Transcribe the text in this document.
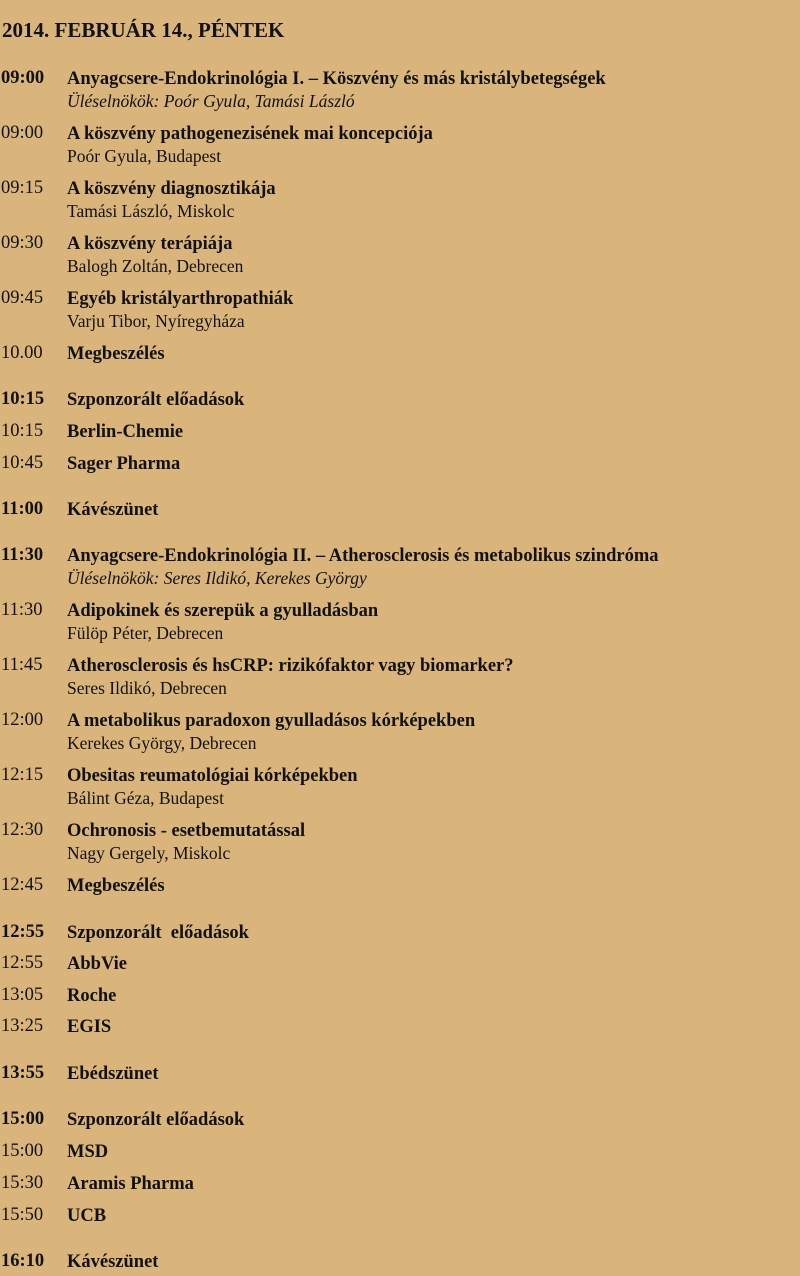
2014. FEBRUÁR 14., PÉNTEK
09:00 Anyagcsere-Endokrinológia I. – Köszvény és más kristálybetegségek
Üléselnökök: Poór Gyula, Tamási László
09:00 A köszvény pathogenezisének mai koncepciója
Poór Gyula, Budapest
09:15 A köszvény diagnosztikája
Tamási László, Miskolc
09:30 A köszvény terápiája
Balogh Zoltán, Debrecen
09:45 Egyéb kristályarthropathiák
Varju Tibor, Nyíregyháza
10.00 Megbeszélés
10:15 Szponzorált előadások
10:15 Berlin-Chemie
10:45 Sager Pharma
11:00 Kávészünet
11:30 Anyagcsere-Endokrinológia II. – Atherosclerosis és metabolikus szindróma
Üléselnökök: Seres Ildikó, Kerekes György
11:30 Adipokinek és szerepük a gyulladásban
Fülöp Péter, Debrecen
11:45 Atherosclerosis és hsCRP: rizikófaktor vagy biomarker?
Seres Ildikó, Debrecen
12:00 A metabolikus paradoxon gyulladásos kórképekben
Kerekes György, Debrecen
12:15 Obesitas reumatológiai kórképekben
Bálint Géza, Budapest
12:30 Ochronosis - esetbemutatással
Nagy Gergely, Miskolc
12:45 Megbeszélés
12:55 Szponzorált  előadások
12:55 AbbVie
13:05 Roche
13:25 EGIS
13:55 Ebédszünet
15:00 Szponzorált előadások
15:00 MSD
15:30 Aramis Pharma
15:50 UCB
16:10 Kávészünet
